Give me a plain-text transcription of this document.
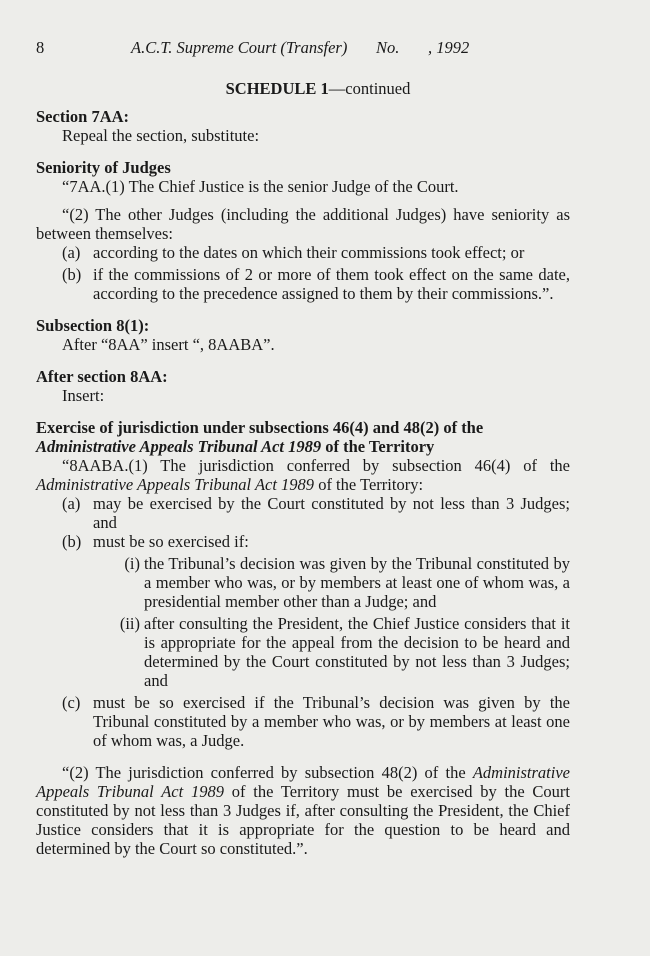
8	A.C.T. Supreme Court (Transfer) No. , 1992
SCHEDULE 1—continued
Section 7AA:
Repeal the section, substitute:
Seniority of Judges
“7AA.(1) The Chief Justice is the senior Judge of the Court.
“(2) The other Judges (including the additional Judges) have seniority as between themselves:
(a) according to the dates on which their commissions took effect; or
(b) if the commissions of 2 or more of them took effect on the same date, according to the precedence assigned to them by their commissions.”.
Subsection 8(1):
After “8AA” insert “, 8AABA”.
After section 8AA:
Insert:
Exercise of jurisdiction under subsections 46(4) and 48(2) of the Administrative Appeals Tribunal Act 1989 of the Territory
“8AABA.(1) The jurisdiction conferred by subsection 46(4) of the Administrative Appeals Tribunal Act 1989 of the Territory:
(a) may be exercised by the Court constituted by not less than 3 Judges; and
(b) must be so exercised if:
(i) the Tribunal’s decision was given by the Tribunal constituted by a member who was, or by members at least one of whom was, a presidential member other than a Judge; and
(ii) after consulting the President, the Chief Justice considers that it is appropriate for the appeal from the decision to be heard and determined by the Court constituted by not less than 3 Judges; and
(c) must be so exercised if the Tribunal’s decision was given by the Tribunal constituted by a member who was, or by members at least one of whom was, a Judge.
“(2) The jurisdiction conferred by subsection 48(2) of the Administrative Appeals Tribunal Act 1989 of the Territory must be exercised by the Court constituted by not less than 3 Judges if, after consulting the President, the Chief Justice considers that it is appropriate for the question to be heard and determined by the Court so constituted.”.
